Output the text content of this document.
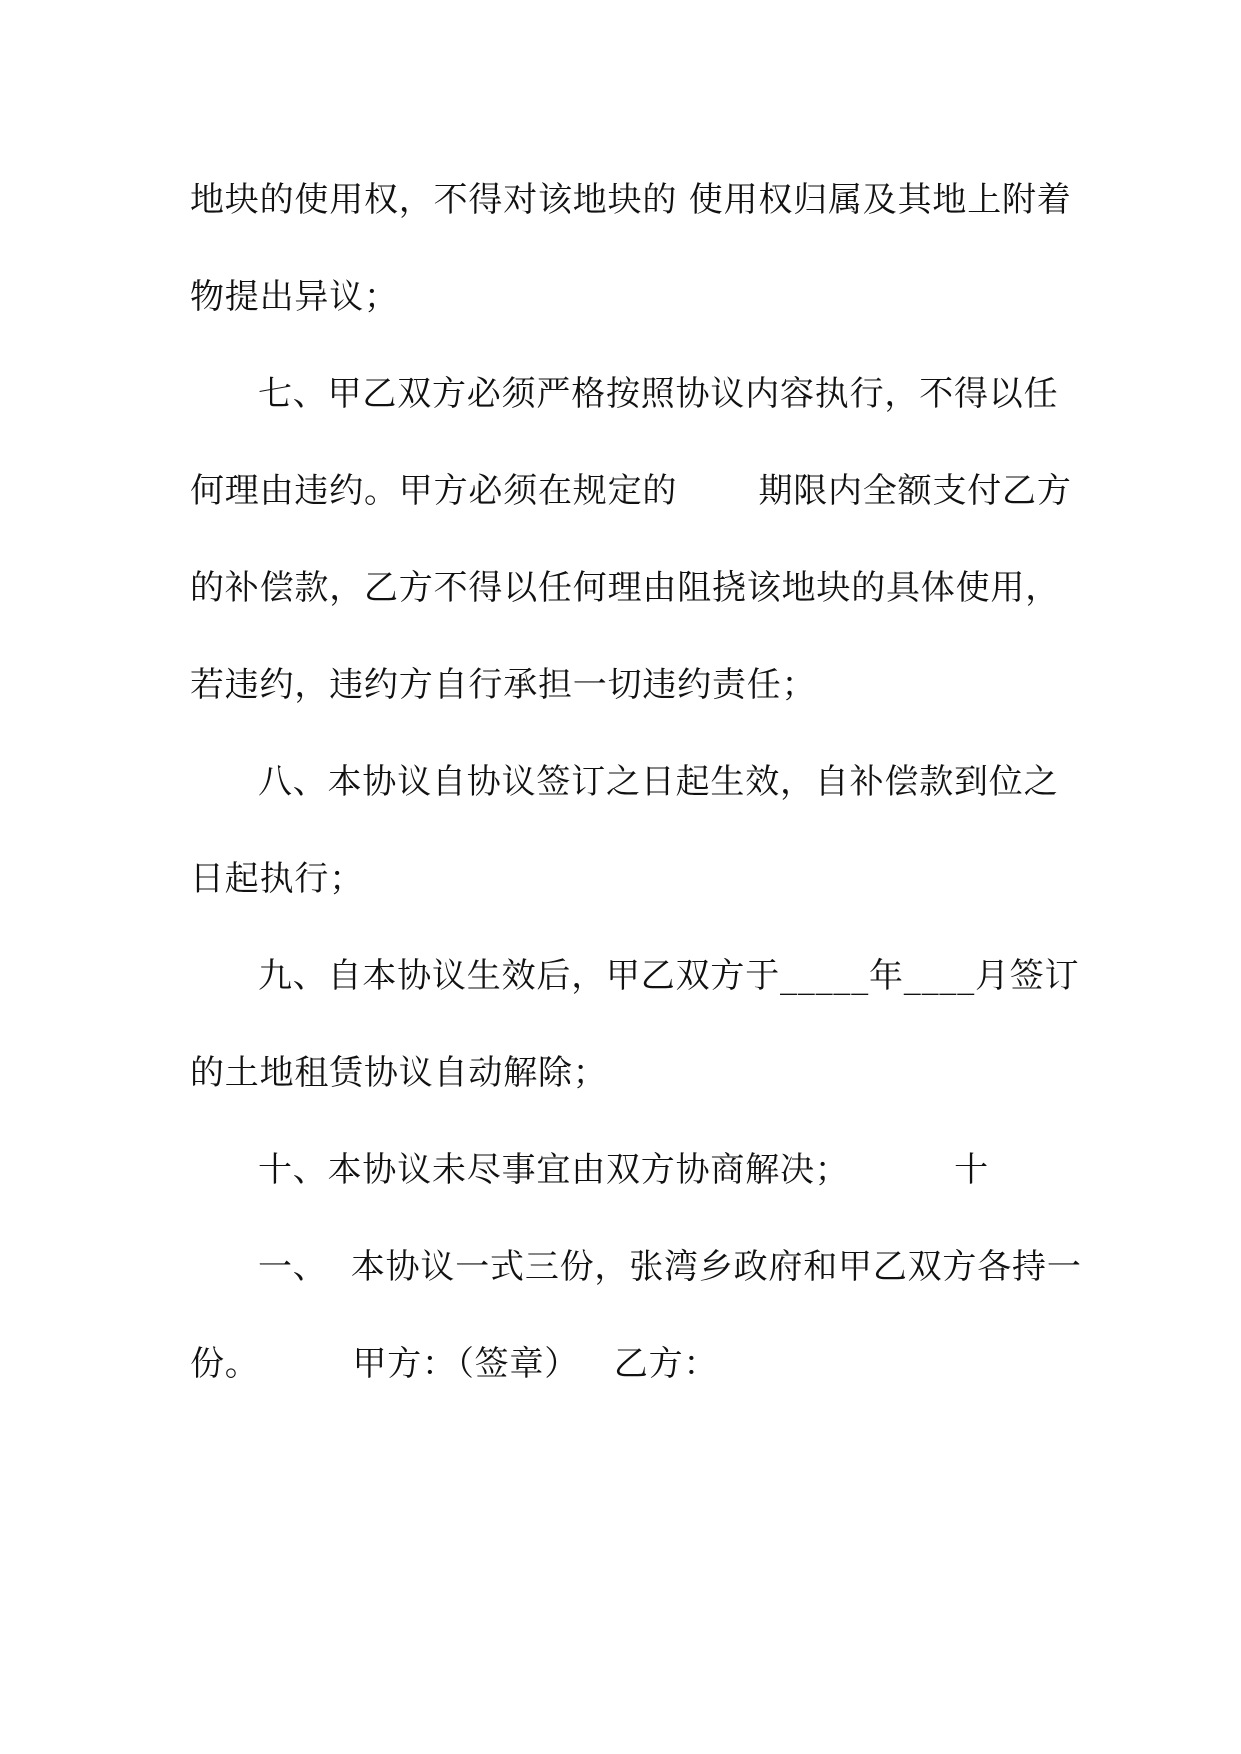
地块的使用权，不得对该地块的 使用权归属及其地上附着
物提出异议；
七、甲乙双方必须严格按照协议内容执行，不得以任
何理由违约。甲方必须在规定的       期限内全额支付乙方
的补偿款，乙方不得以任何理由阻挠该地块的具体使用，
若违约，违约方自行承担一切违约责任；
八、本协议自协议签订之日起生效，自补偿款到位之
日起执行；
九、自本协议生效后，甲乙双方于_____年____月签订
的土地租赁协议自动解除；
十、本协议未尽事宜由双方协商解决；         十
一、  本协议一式三份，张湾乡政府和甲乙双方各持一
份。        甲方：（签章）   乙方：
